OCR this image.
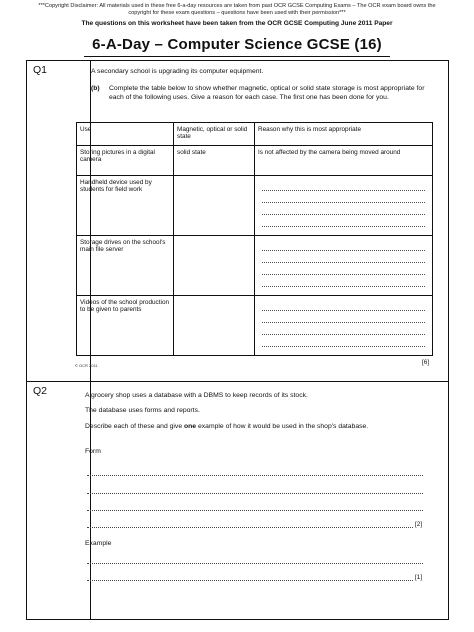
***Copyright Disclaimer: All materials used in these free 6-a-day resources are taken from past OCR GCSE Computing Exams – The OCR exam board owns the copyright for these exam questions – questions have been used with their permission***
The questions on this worksheet have been taken from the OCR GCSE Computing June 2011 Paper
6-A-Day – Computer Science GCSE (16)
Q1	A secondary school is upgrading its computer equipment.
(b) Complete the table below to show whether magnetic, optical or solid state storage is most appropriate for each of the following uses. Give a reason for each case. The first one has been done for you.
Use	Magnetic, optical or solid state	Reason why this is most appropriate
Storing pictures in a digital camera	solid state	Is not affected by the camera being moved around
Handheld device used by students for field work		

Storage drives on the school's main file server		

Videos of the school production to be given to parents		
© OCR 2011	[6]
Q2	A grocery shop uses a database with a DBMS to keep records of its stock.
The database uses forms and reports.
Describe each of these and give one example of how it would be used in the shop's database.
Form
[2]
Example
[1]
